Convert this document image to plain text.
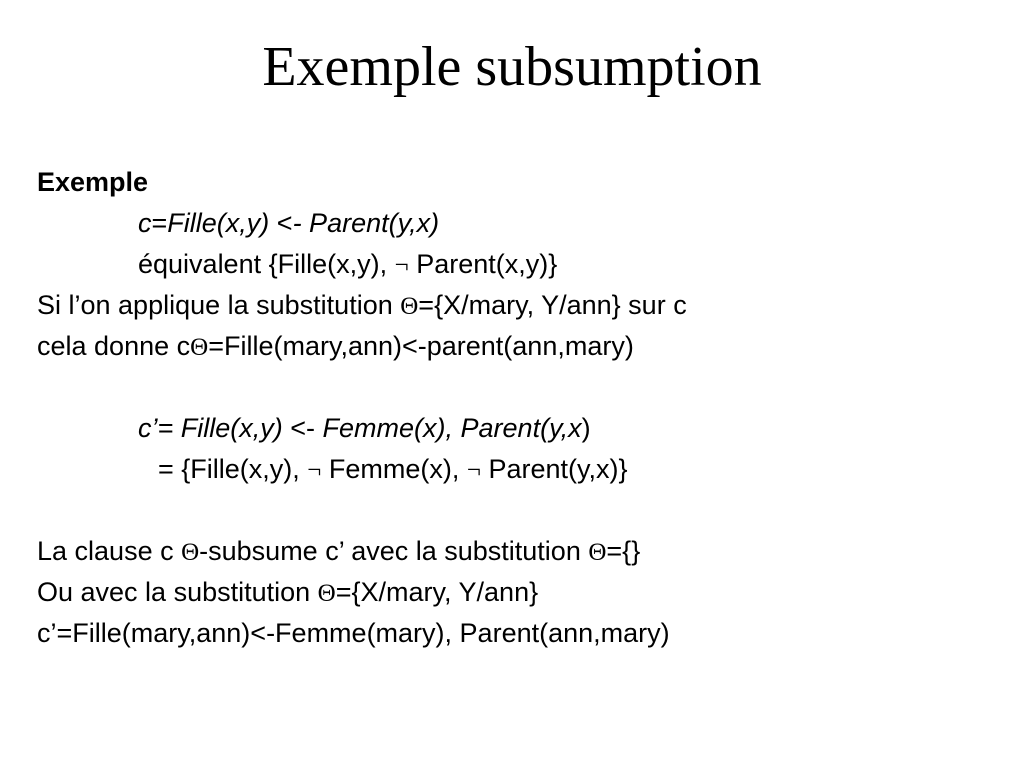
Exemple subsumption
Exemple
c=Fille(x,y) <- Parent(y,x)
équivalent {Fille(x,y), ¬ Parent(x,y)}
Si l’on applique la substitution Θ={X/mary, Y/ann} sur c
cela donne cΘ=Fille(mary,ann)<-parent(ann,mary)
c’= Fille(x,y) <- Femme(x), Parent(y,x)
= {Fille(x,y), ¬ Femme(x), ¬ Parent(y,x)}
La clause c Θ-subsume c’ avec la substitution Θ={}
Ou avec la substitution Θ={X/mary, Y/ann}
c’=Fille(mary,ann)<-Femme(mary), Parent(ann,mary)
